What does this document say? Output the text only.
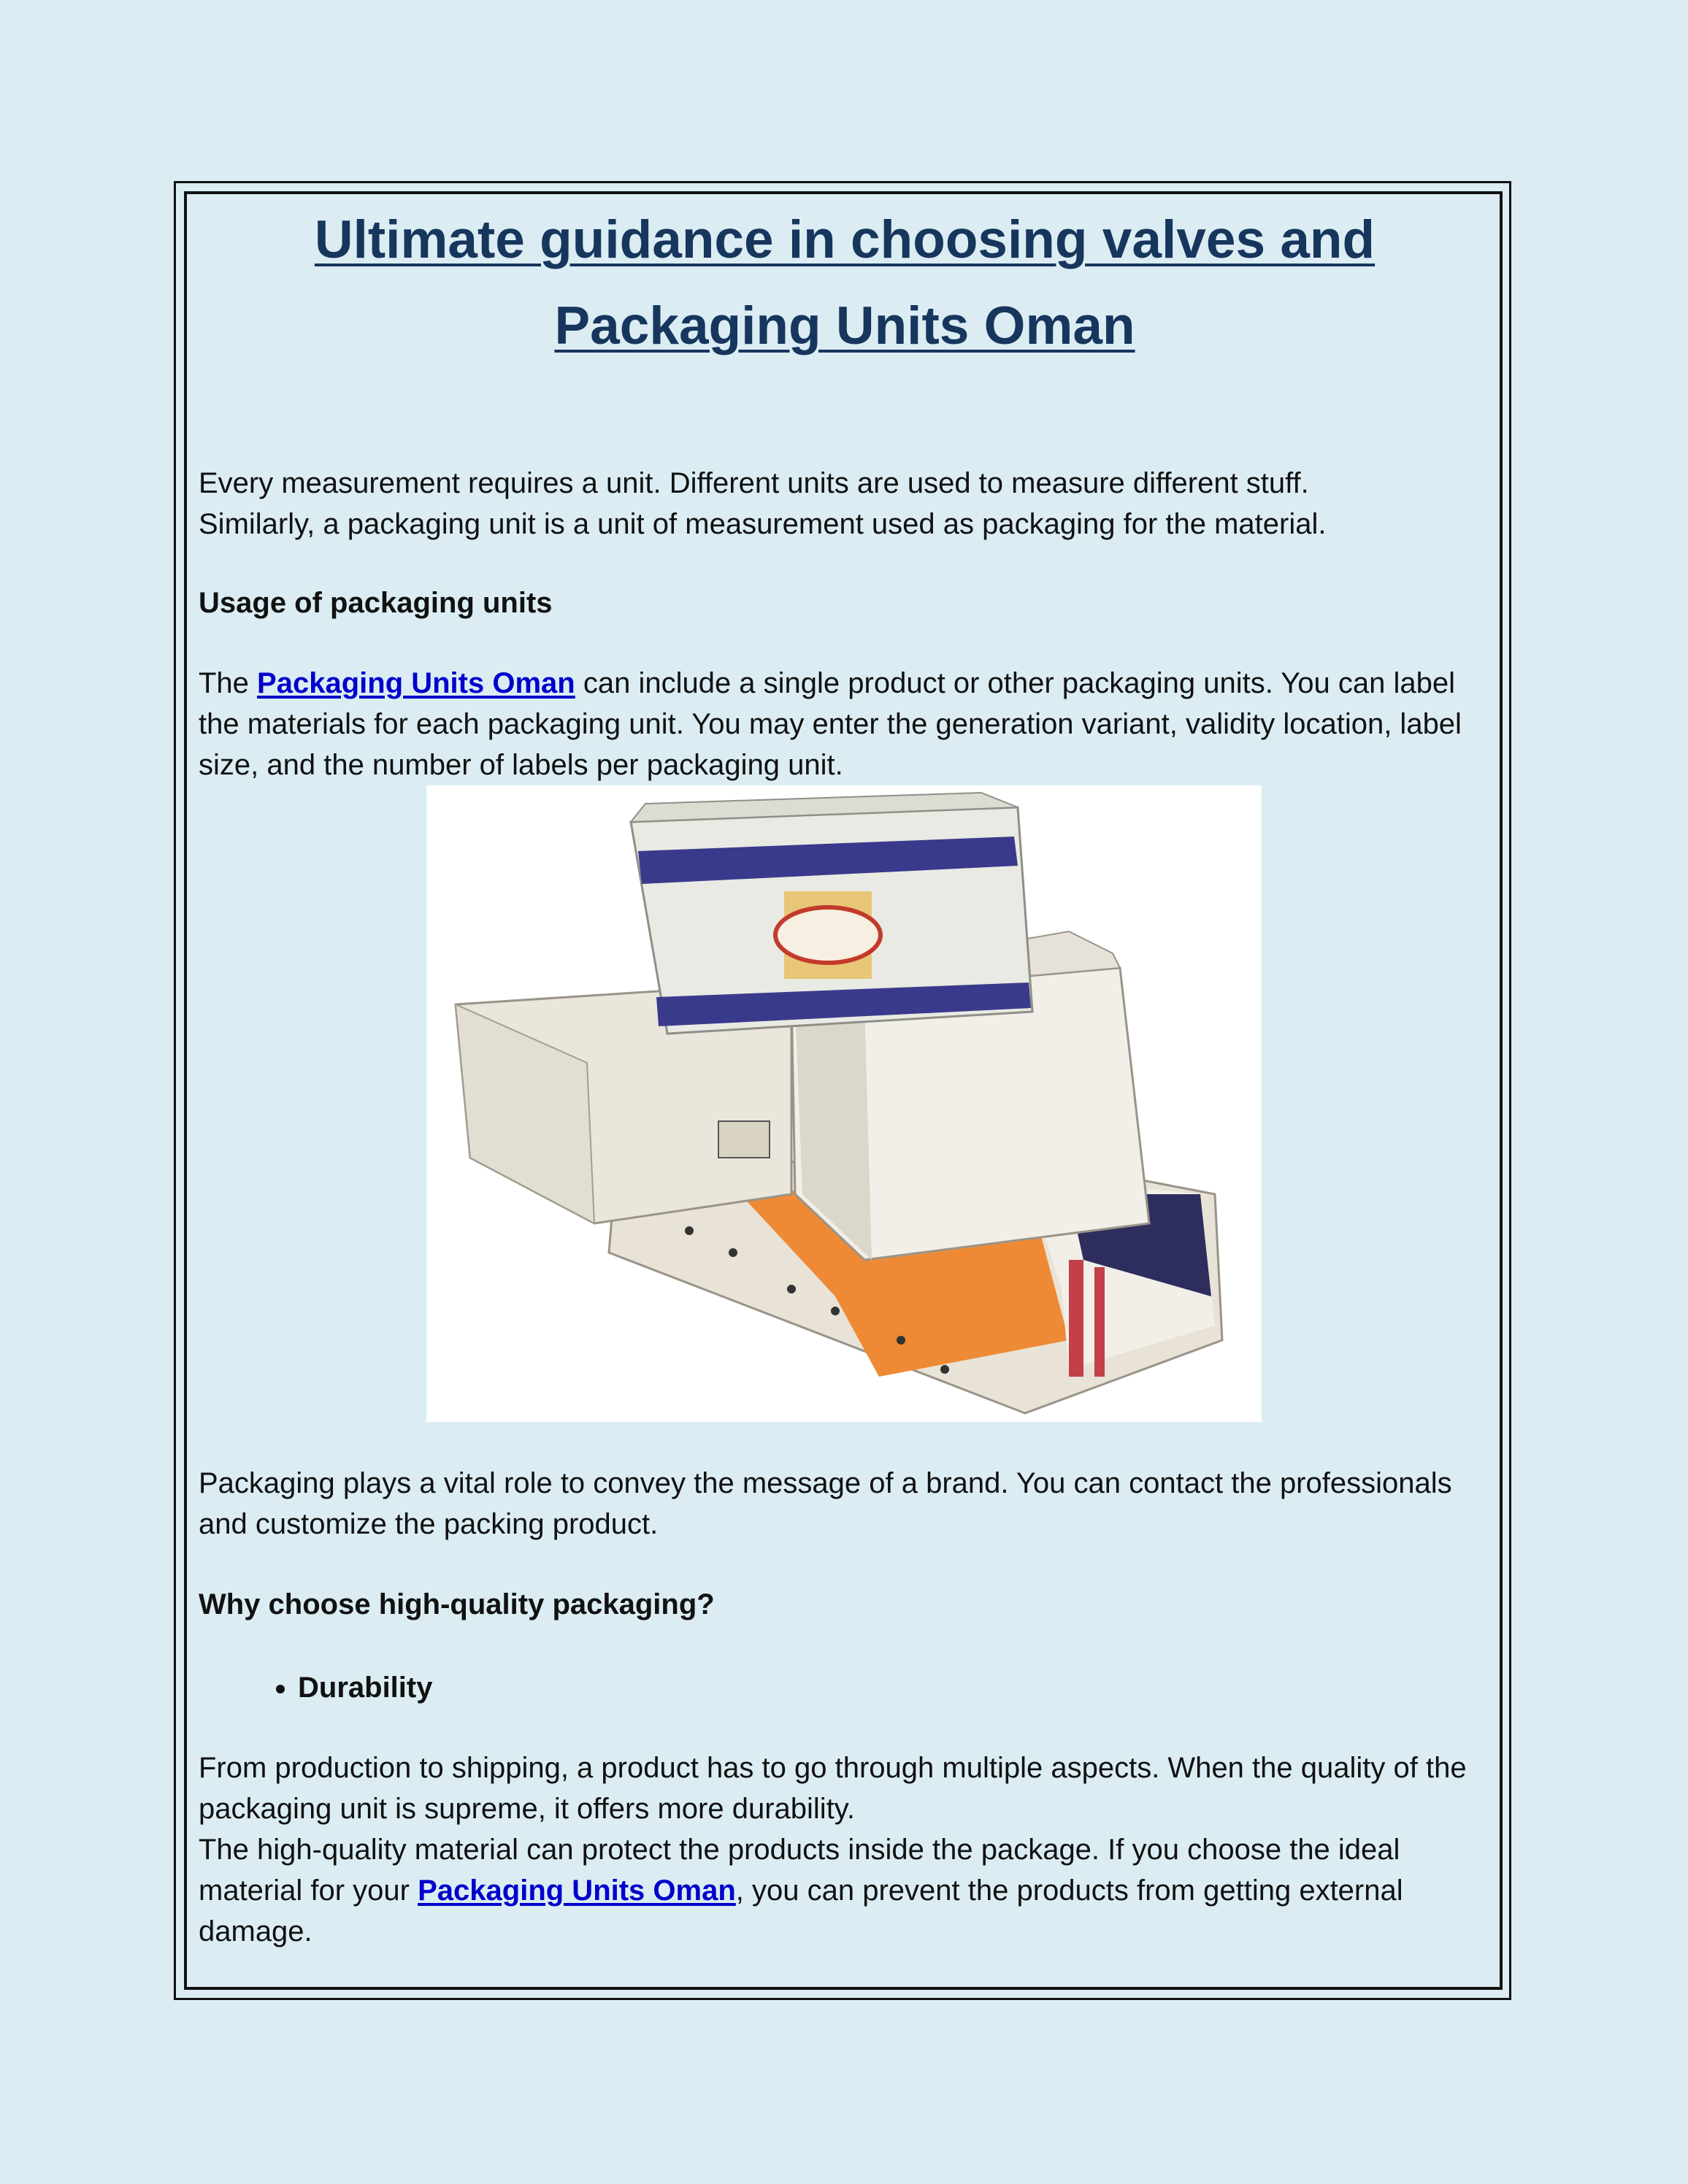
Ultimate guidance in choosing valves and
Packaging Units Oman

Every measurement requires a unit. Different units are used to measure different stuff.
Similarly, a packaging unit is a unit of measurement used as packaging for the material.

Usage of packaging units

The Packaging Units Oman can include a single product or other packaging units. You can label the materials for each packaging unit. You may enter the generation variant, validity location, label size, and the number of labels per packaging unit.

Packaging plays a vital role to convey the message of a brand. You can contact the professionals and customize the packing product.

Why choose high-quality packaging?

• Durability

From production to shipping, a product has to go through multiple aspects. When the quality of the packaging unit is supreme, it offers more durability.
The high-quality material can protect the products inside the package. If you choose the ideal material for your Packaging Units Oman, you can prevent the products from getting external damage.
